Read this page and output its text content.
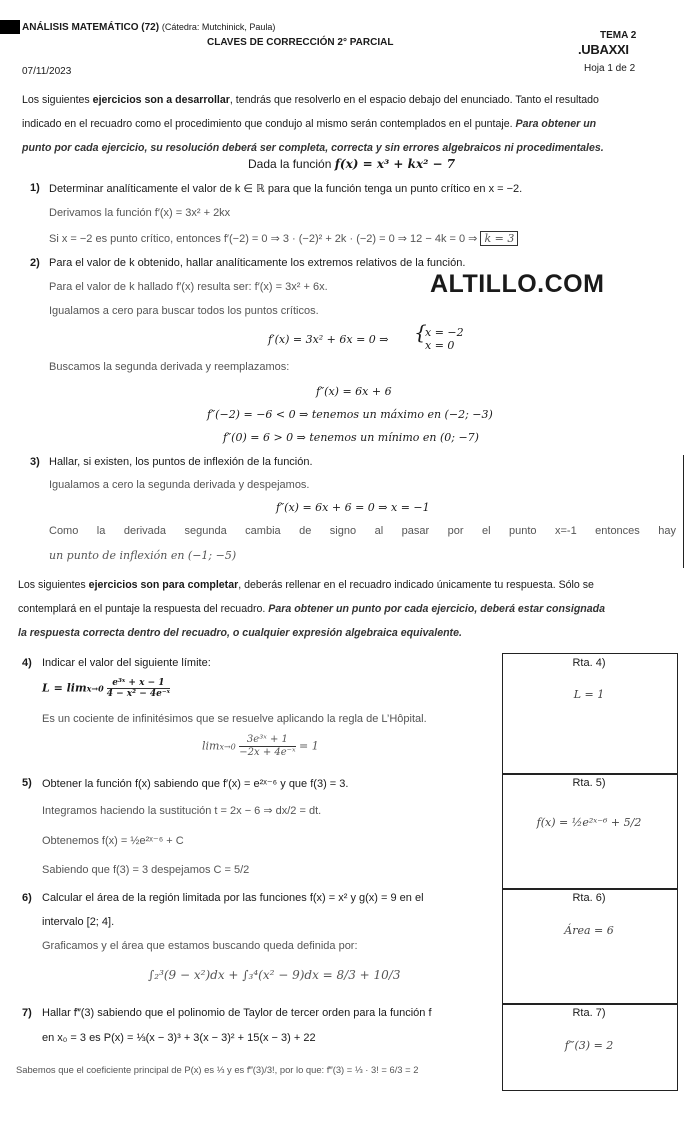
ANÁLISIS MATEMÁTICO (72) (Cátedra: Mutchinick, Paula)
CLAVES DE CORRECCIÓN 2° PARCIAL
TEMA 2
.UBAXXI
07/11/2023	Hoja 1 de 2
Los siguientes ejercicios son a desarrollar, tendrás que resolverlo en el espacio debajo del enunciado. Tanto el resultado
indicado en el recuadro como el procedimiento que condujo al mismo serán contemplados en el puntaje. Para obtener un
punto por cada ejercicio, su resolución deberá ser completa, correcta y sin errores algebraicos ni procedimentales.
Dada la función f(x) = x³ + kx² − 7
1) Determinar analíticamente el valor de k ∈ ℝ para que la función tenga un punto crítico en x = −2.
Derivamos la función f′(x) = 3x² + 2kx
Si x = −2 es punto crítico, entonces f′(−2) = 0 ⇒ 3 · (−2)² + 2k · (−2) = 0 ⇒ 12 − 4k = 0 ⇒ k = 3
2) Para el valor de k obtenido, hallar analíticamente los extremos relativos de la función.
Para el valor de k hallado f′(x) resulta ser: f′(x) = 3x² + 6x.	ALTILLO.COM
Igualamos a cero para buscar todos los puntos críticos.
f′(x) = 3x² + 6x = 0 ⇒ {
x = −2
x = 0
Buscamos la segunda derivada y reemplazamos:
f″(x) = 6x + 6
f″(−2) = −6 < 0 ⇒ tenemos un máximo en (−2; −3)
f″(0) = 6 > 0 ⇒ tenemos un mínimo en (0; −7)
3) Hallar, si existen, los puntos de inflexión de la función.
Igualamos a cero la segunda derivada y despejamos.
f″(x) = 6x + 6 = 0 ⇒ x = −1
Como la derivada segunda cambia de signo al pasar por el punto x=-1 entonces hay
un punto de inflexión en (−1; −5)
Los siguientes ejercicios son para completar, deberás rellenar en el recuadro indicado únicamente tu respuesta. Sólo se
contemplará en el puntaje la respuesta del recuadro. Para obtener un punto por cada ejercicio, deberá estar consignada
la respuesta correcta dentro del recuadro, o cualquier expresión algebraica equivalente.
Rta. 4)
L = 1
Rta. 5)
f(x) = ½e²ˣ⁻⁶ + 5/2
Rta. 6)
Área = 6
Rta. 7)
f‴(3) = 2
4) Indicar el valor del siguiente límite:
$L = \lim x\to 0 \frac{\text{e³ˣ + x − 1}}{\text{4 − x² − 4e⁻ˣ}}$
Es un cociente de infinitésimos que se resuelve aplicando la regla de L’Hôpital.
$\lim x\to 0 \frac{\text{3e³ˣ + 1}}{\text{−2x + 4e⁻ˣ}} = 1$
5) Obtener la función f(x) sabiendo que f′(x) = e²ˣ⁻⁶ y que f(3) = 3.
Integramos haciendo la sustitución t = 2x − 6 ⇒ dx/2 = dt.
Obtenemos f(x) = ½e²ˣ⁻⁶ + C
Sabiendo que f(3) = 3 despejamos C = 5/2
6) Calcular el área de la región limitada por las funciones f(x) = x² y g(x) = 9 en el
intervalo [2; 4].
Graficamos y el área que estamos buscando queda definida por:
∫₂³(9 − x²)dx + ∫₃⁴(x² − 9)dx = 8/3 + 10/3
7) Hallar f‴(3) sabiendo que el polinomio de Taylor de tercer orden para la función f
en x₀ = 3 es P(x) = ⅓(x − 3)³ + 3(x − 3)² + 15(x − 3) + 22
Sabemos que el coeficiente principal de P(x) es ⅓ y es f‴(3)/3!, por lo que: f‴(3) = ⅓ · 3! = 6/3 = 2
